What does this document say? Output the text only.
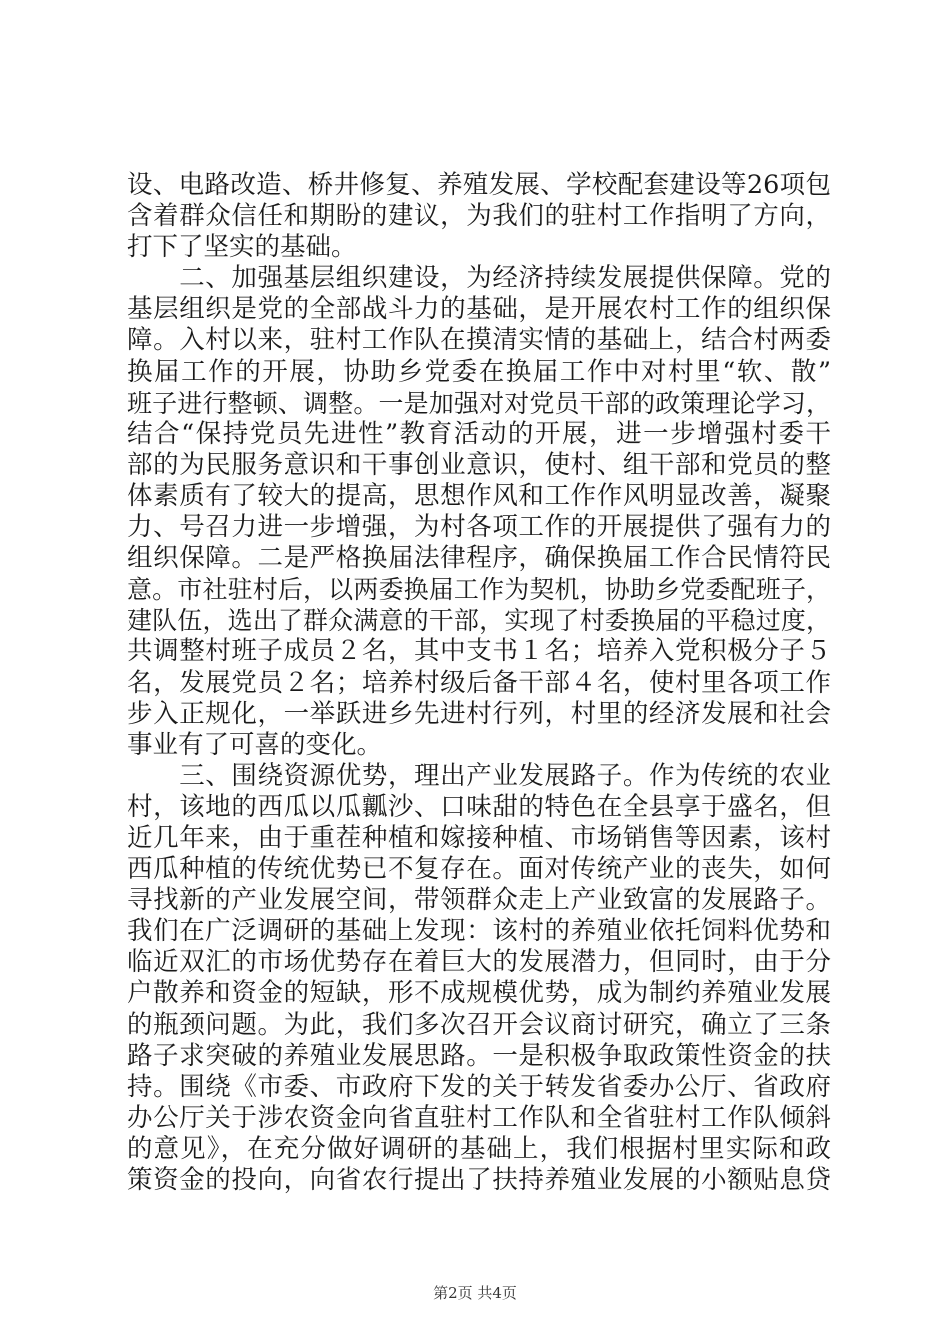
设、电路改造、桥井修复、养殖发展、学校配套建设等26项包
含着群众信任和期盼的建议，为我们的驻村工作指明了方向，
打下了坚实的基础。
　　二、加强基层组织建设，为经济持续发展提供保障。党的
基层组织是党的全部战斗力的基础，是开展农村工作的组织保
障。入村以来，驻村工作队在摸清实情的基础上，结合村两委
换届工作的开展，协助乡党委在换届工作中对村里“软、散”
班子进行整顿、调整。一是加强对对党员干部的政策理论学习，
结合“保持党员先进性”教育活动的开展，进一步增强村委干
部的为民服务意识和干事创业意识，使村、组干部和党员的整
体素质有了较大的提高，思想作风和工作作风明显改善，凝聚
力、号召力进一步增强，为村各项工作的开展提供了强有力的
组织保障。二是严格换届法律程序，确保换届工作合民情符民
意。市社驻村后，以两委换届工作为契机，协助乡党委配班子，
建队伍，选出了群众满意的干部，实现了村委换届的平稳过度，
共调整村班子成员２名，其中支书１名；培养入党积极分子５
名，发展党员２名；培养村级后备干部４名，使村里各项工作
步入正规化，一举跃进乡先进村行列，村里的经济发展和社会
事业有了可喜的变化。
　　三、围绕资源优势，理出产业发展路子。作为传统的农业
村，该地的西瓜以瓜瓤沙、口味甜的特色在全县享于盛名，但
近几年来，由于重茬种植和嫁接种植、市场销售等因素，该村
西瓜种植的传统优势已不复存在。面对传统产业的丧失，如何
寻找新的产业发展空间，带领群众走上产业致富的发展路子。
我们在广泛调研的基础上发现：该村的养殖业依托饲料优势和
临近双汇的市场优势存在着巨大的发展潜力，但同时，由于分
户散养和资金的短缺，形不成规模优势，成为制约养殖业发展
的瓶颈问题。为此，我们多次召开会议商讨研究，确立了三条
路子求突破的养殖业发展思路。一是积极争取政策性资金的扶
持。围绕《市委、市政府下发的关于转发省委办公厅、省政府
办公厅关于涉农资金向省直驻村工作队和全省驻村工作队倾斜
的意见》，在充分做好调研的基础上，我们根据村里实际和政
策资金的投向，向省农行提出了扶持养殖业发展的小额贴息贷
第2页 共4页
